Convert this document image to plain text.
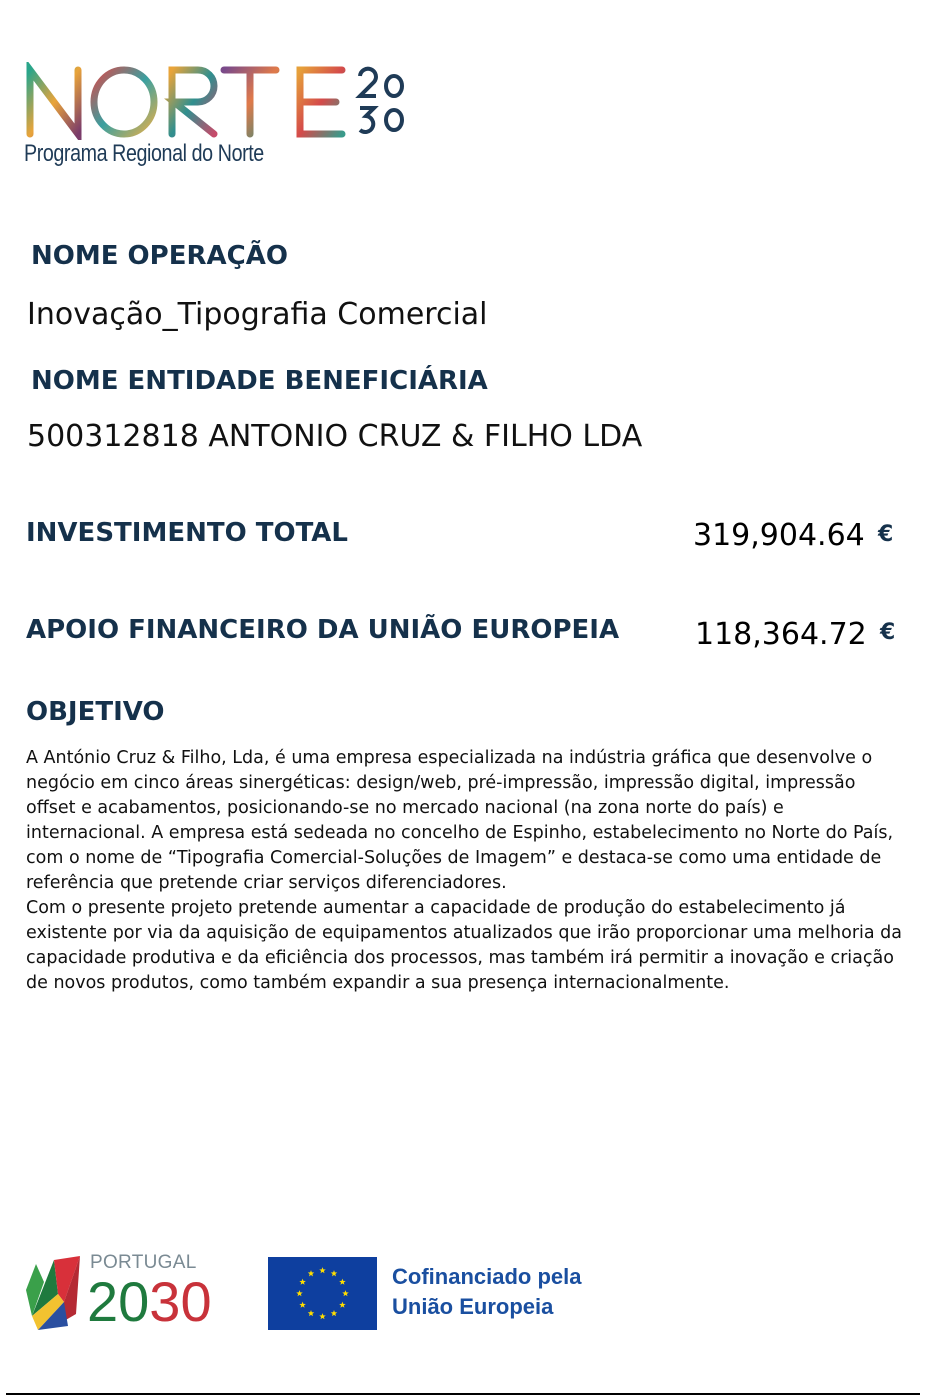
Programa Regional do Norte
NOME OPERAÇÃO
Inovação_Tipografia Comercial
NOME ENTIDADE BENEFICIÁRIA
500312818 ANTONIO CRUZ & FILHO LDA
INVESTIMENTO TOTAL	319,904.64 €
APOIO FINANCEIRO DA UNIÃO EUROPEIA	118,364.72 €
OBJETIVO

A António Cruz & Filho, Lda, é uma empresa especializada na indústria gráfica que desenvolve o negócio em cinco áreas sinergéticas: design/web, pré-impressão, impressão digital, impressão offset e acabamentos, posicionando-se no mercado nacional (na zona norte do país) e internacional. A empresa está sedeada no concelho de Espinho, estabelecimento no Norte do País, com o nome de “Tipografia Comercial-Soluções de Imagem” e destaca-se como uma entidade de referência que pretende criar serviços diferenciadores.

Com o presente projeto pretende aumentar a capacidade de produção do estabelecimento já existente por via da aquisição de equipamentos atualizados que irão proporcionar uma melhoria da capacidade produtiva e da eficiência dos processos, mas também irá permitir a inovação e criação de novos produtos, como também expandir a sua presença internacionalmente.

PORTUGAL
2030	Cofinanciado pela
União Europeia
